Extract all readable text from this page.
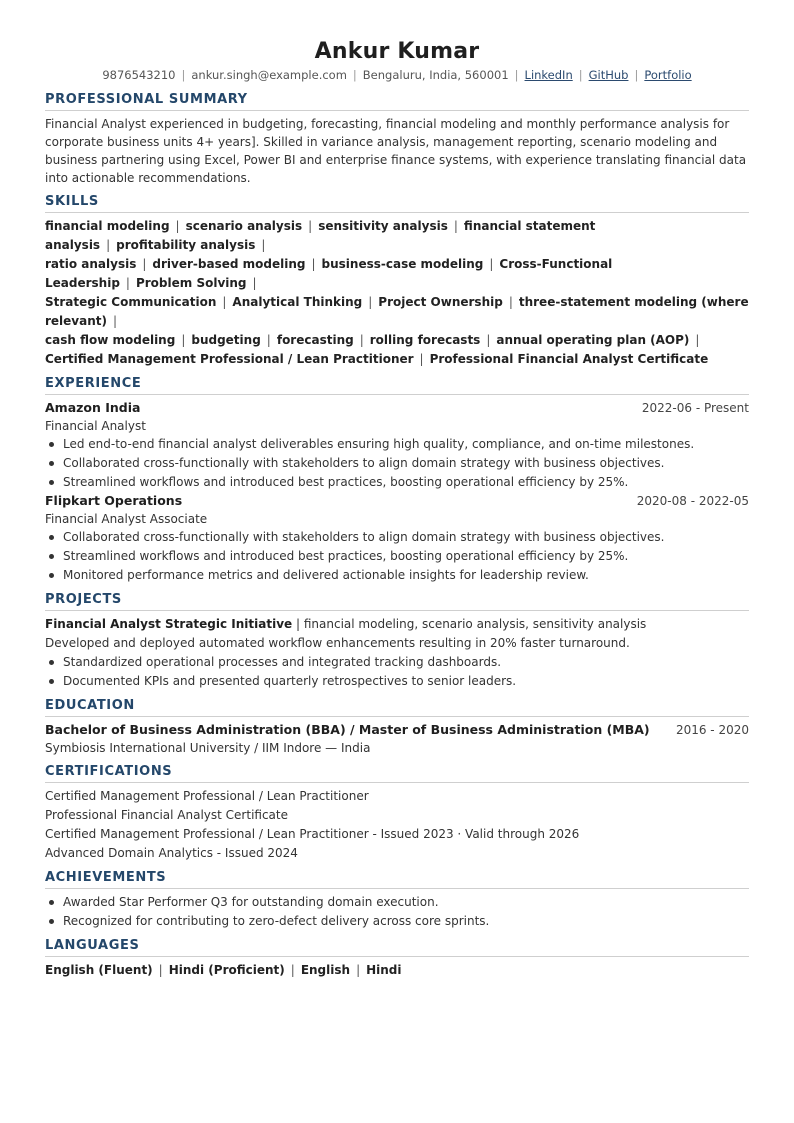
Ankur Kumar
9876543210 | ankur.singh@example.com | Bengaluru, India, 560001 | LinkedIn | GitHub | Portfolio
PROFESSIONAL SUMMARY
Financial Analyst experienced in budgeting, forecasting, financial modeling and monthly performance analysis for corporate business units 4+ years]. Skilled in variance analysis, management reporting, scenario modeling and business partnering using Excel, Power BI and enterprise finance systems, with experience translating financial data into actionable recommendations.
SKILLS
financial modeling | scenario analysis | sensitivity analysis | financial statement analysis | profitability analysis |
ratio analysis | driver-based modeling | business-case modeling | Cross-Functional Leadership | Problem Solving |
Strategic Communication | Analytical Thinking | Project Ownership | three-statement modeling (where relevant) |
cash flow modeling | budgeting | forecasting | rolling forecasts | annual operating plan (AOP) |
Certified Management Professional / Lean Practitioner | Professional Financial Analyst Certificate
EXPERIENCE
Amazon India	2022-06 - Present
Financial Analyst
Led end-to-end financial analyst deliverables ensuring high quality, compliance, and on-time milestones.
Collaborated cross-functionally with stakeholders to align domain strategy with business objectives.
Streamlined workflows and introduced best practices, boosting operational efficiency by 25%.
Flipkart Operations	2020-08 - 2022-05
Financial Analyst Associate
Collaborated cross-functionally with stakeholders to align domain strategy with business objectives.
Streamlined workflows and introduced best practices, boosting operational efficiency by 25%.
Monitored performance metrics and delivered actionable insights for leadership review.
PROJECTS
Financial Analyst Strategic Initiative | financial modeling, scenario analysis, sensitivity analysis
Developed and deployed automated workflow enhancements resulting in 20% faster turnaround.
Standardized operational processes and integrated tracking dashboards.
Documented KPIs and presented quarterly retrospectives to senior leaders.
EDUCATION
Bachelor of Business Administration (BBA) / Master of Business Administration (MBA) 2016 - 2020
Symbiosis International University / IIM Indore — India
CERTIFICATIONS
Certified Management Professional / Lean Practitioner
Professional Financial Analyst Certificate
Certified Management Professional / Lean Practitioner - Issued 2023 · Valid through 2026
Advanced Domain Analytics - Issued 2024
ACHIEVEMENTS
Awarded Star Performer Q3 for outstanding domain execution.
Recognized for contributing to zero-defect delivery across core sprints.
LANGUAGES
English (Fluent) | Hindi (Proficient) | English | Hindi
